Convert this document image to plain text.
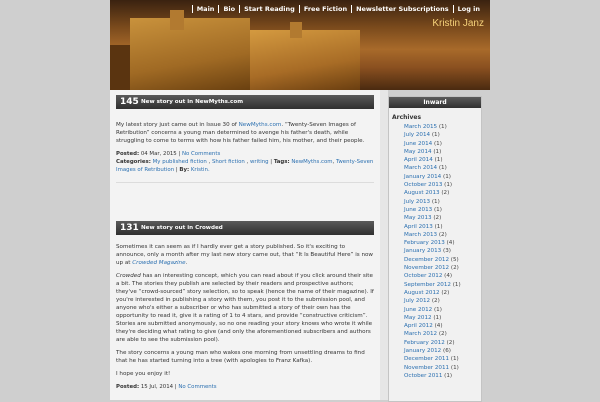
Main	Bio	Start Reading	Free Fiction	Newsletter Subscriptions	Log in
Kristin Janz
145 New story out in NewMyths.com

My latest story just came out in Issue 30 of NewMyths.com. “Twenty-Seven Images of Retribution” concerns a young man determined to avenge his father's death, while struggling to come to terms with how his father failed him, his mother, and their people.

Posted: 04 Mar, 2015 | No Comments
Categories: My published fiction , Short fiction , writing | Tags: NewMyths.com, Twenty-Seven Images of Retribution | By: Kristin.
131 New story out in Crowded

Sometimes it can seem as if I hardly ever get a story published. So it's exciting to announce, only a month after my last new story came out, that “It Is Beautiful Here” is now up at Crowded Magazine.

Crowded has an interesting concept, which you can read about if you click around their site a bit. The stories they publish are selected by their readers and prospective authors; they've “crowd-sourced” story selection, so to speak (hence the name of their magazine). If you're interested in publishing a story with them, you post it to the submission pool, and anyone who's either a subscriber or who has submitted a story of their own has the opportunity to read it, give it a rating of 1 to 4 stars, and provide “constructive criticism”. Stories are submitted anonymously, so no one reading your story knows who wrote it while they're deciding what rating to give (and only the aforementioned subscribers and authors are able to see the submission pool).

The story concerns a young man who wakes one morning from unsettling dreams to find that he has started turning into a tree (with apologies to Franz Kafka).

I hope you enjoy it!

Posted: 15 Jul, 2014 | No Comments
Inward
Archives
March 2015 (1)
July 2014 (1)
June 2014 (1)
May 2014 (1)
April 2014 (1)
March 2014 (1)
January 2014 (1)
October 2013 (1)
August 2013 (2)
July 2013 (1)
June 2013 (1)
May 2013 (2)
April 2013 (1)
March 2013 (2)
February 2013 (4)
January 2013 (3)
December 2012 (5)
November 2012 (2)
October 2012 (4)
September 2012 (1)
August 2012 (2)
July 2012 (2)
June 2012 (1)
May 2012 (1)
April 2012 (4)
March 2012 (2)
February 2012 (2)
January 2012 (6)
December 2011 (1)
November 2011 (1)
October 2011 (1)
